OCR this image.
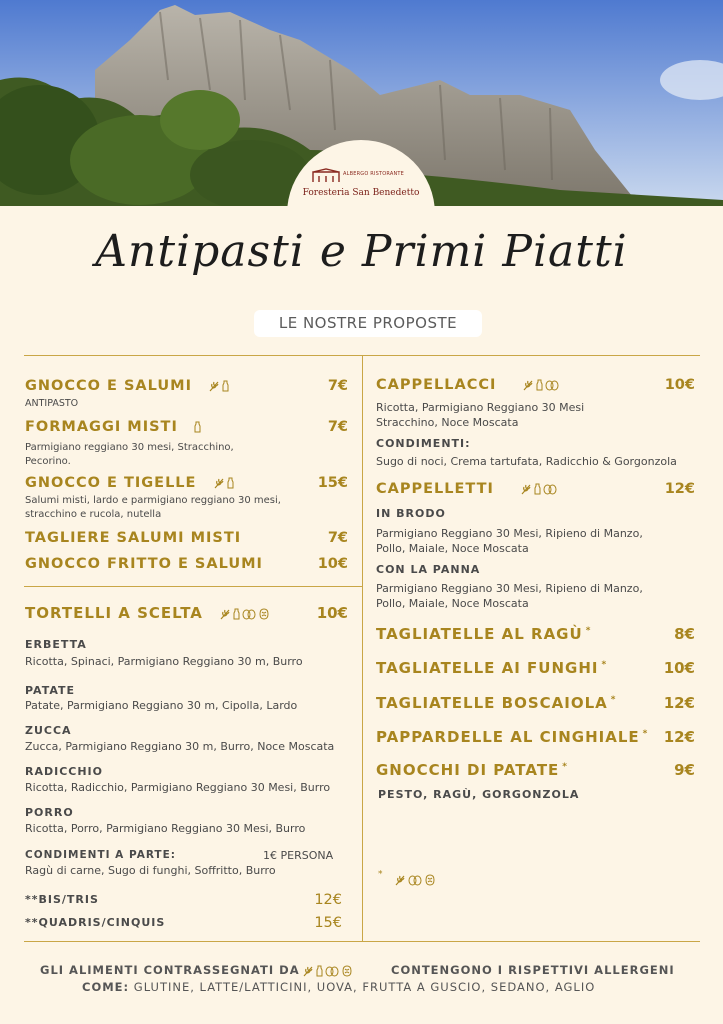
ALBERGO RISTORANTE
Foresteria San Benedetto
Antipasti e Primi Piatti
LE NOSTRE PROPOSTE
GNOCCO E SALUMI	7€
ANTIPASTO
FORMAGGI MISTI	7€
Parmigiano reggiano 30 mesi, Stracchino,
Pecorino.
GNOCCO E TIGELLE	15€
Salumi misti, lardo e parmigiano reggiano 30 mesi,
stracchino e rucola, nutella
TAGLIERE SALUMI MISTI	7€
GNOCCO FRITTO E SALUMI	10€
TORTELLI A SCELTA	10€
ERBETTA
Ricotta, Spinaci, Parmigiano Reggiano 30 m, Burro
PATATE
Patate, Parmigiano Reggiano 30 m, Cipolla, Lardo
ZUCCA
Zucca, Parmigiano Reggiano 30 m, Burro, Noce Moscata
RADICCHIO
Ricotta, Radicchio, Parmigiano Reggiano 30 Mesi, Burro
PORRO
Ricotta, Porro, Parmigiano Reggiano 30 Mesi, Burro
CONDIMENTI A PARTE:	1€ PERSONA
Ragù di carne, Sugo di funghi, Soffritto, Burro
**BIS/TRIS	12€
**QUADRIS/CINQUIS	15€
CAPPELLACCI	10€
Ricotta, Parmigiano Reggiano 30 Mesi
Stracchino, Noce Moscata
CONDIMENTI:
Sugo di noci, Crema tartufata, Radicchio & Gorgonzola
CAPPELLETTI	12€
IN BRODO
Parmigiano Reggiano 30 Mesi, Ripieno di Manzo,
Pollo, Maiale, Noce Moscata
CON LA PANNA
Parmigiano Reggiano 30 Mesi, Ripieno di Manzo,
Pollo, Maiale, Noce Moscata
TAGLIATELLE AL RAGÙ *	8€
TAGLIATELLE AI FUNGHI *	10€
TAGLIATELLE BOSCAIOLA *	12€
PAPPARDELLE AL CINGHIALE *	12€
GNOCCHI DI PATATE *	9€
PESTO, RAGÙ, GORGONZOLA
*
GLI ALIMENTI CONTRASSEGNATI DA	CONTENGONO I RISPETTIVI ALLERGENI
COME: GLUTINE, LATTE/LATTICINI, UOVA, FRUTTA A GUSCIO, SEDANO, AGLIO
